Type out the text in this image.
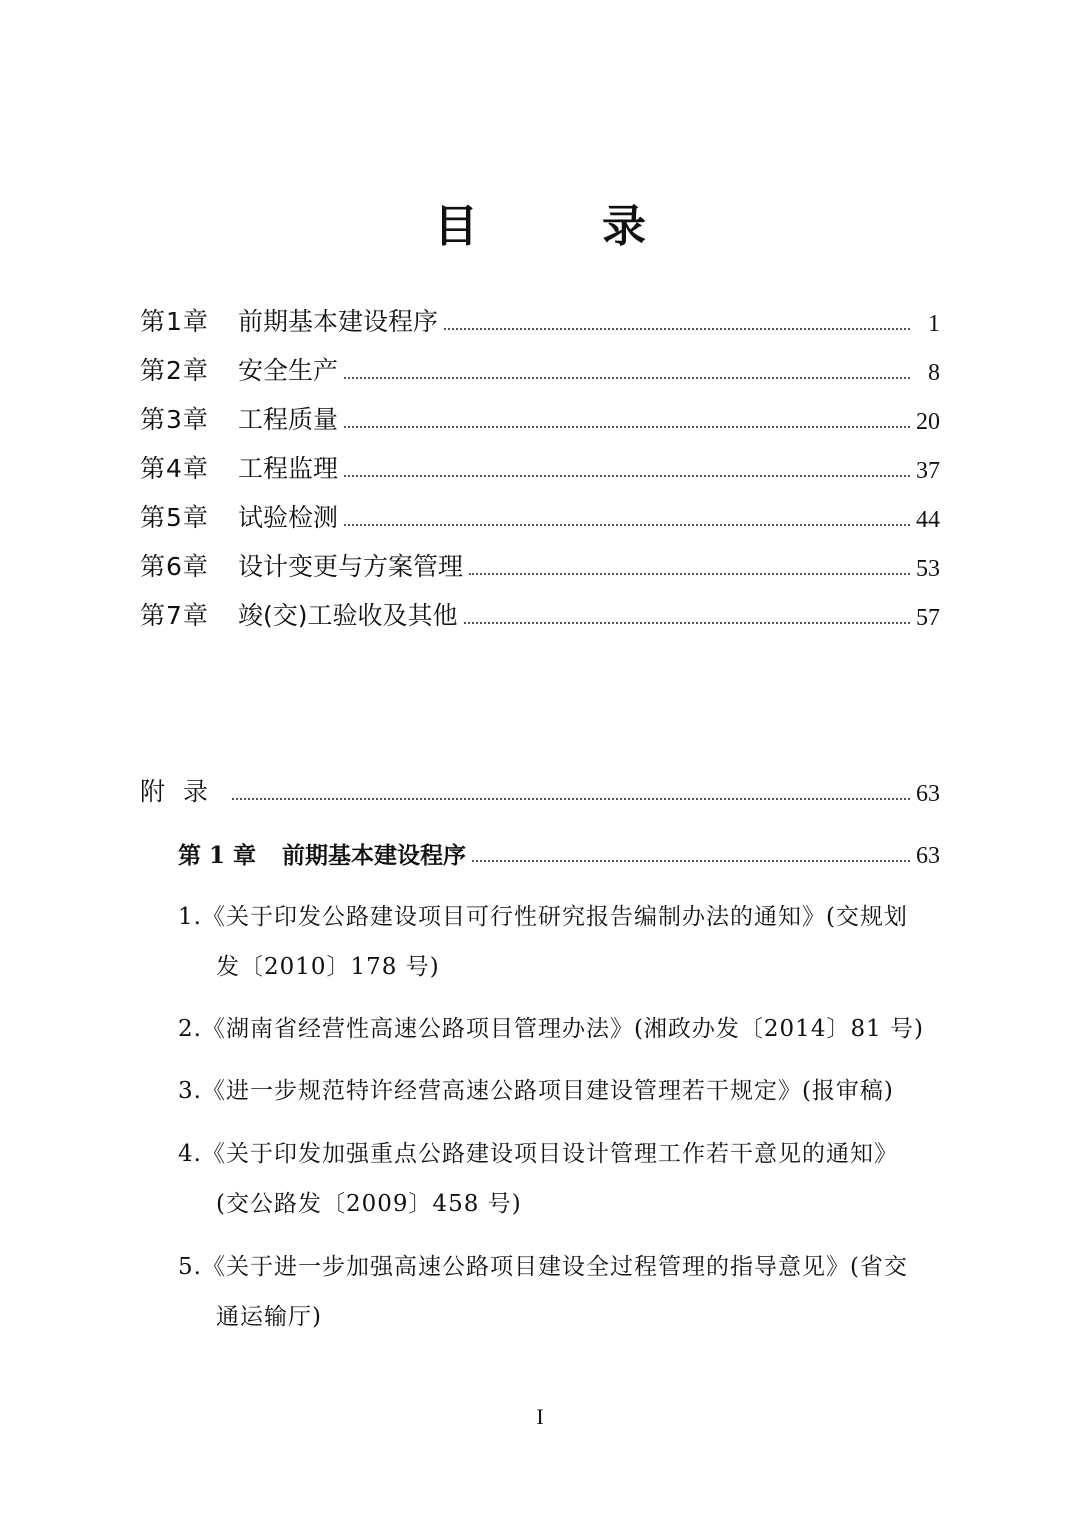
目　录
第1章	前期基本建设程序	1
第2章	安全生产	8
第3章	工程质量	20
第4章	工程监理	37
第5章	试验检测	44
第6章	设计变更与方案管理	53
第7章	竣(交)工验收及其他	57
附录	63
第 1 章	前期基本建设程序	63
1.《关于印发公路建设项目可行性研究报告编制办法的通知》(交规划
发〔2010〕178 号)
2.《湖南省经营性高速公路项目管理办法》(湘政办发〔2014〕81 号)
3.《进一步规范特许经营高速公路项目建设管理若干规定》(报审稿)
4.《关于印发加强重点公路建设项目设计管理工作若干意见的通知》
(交公路发〔2009〕458 号)
5.《关于进一步加强高速公路项目建设全过程管理的指导意见》(省交
通运输厅)
I
